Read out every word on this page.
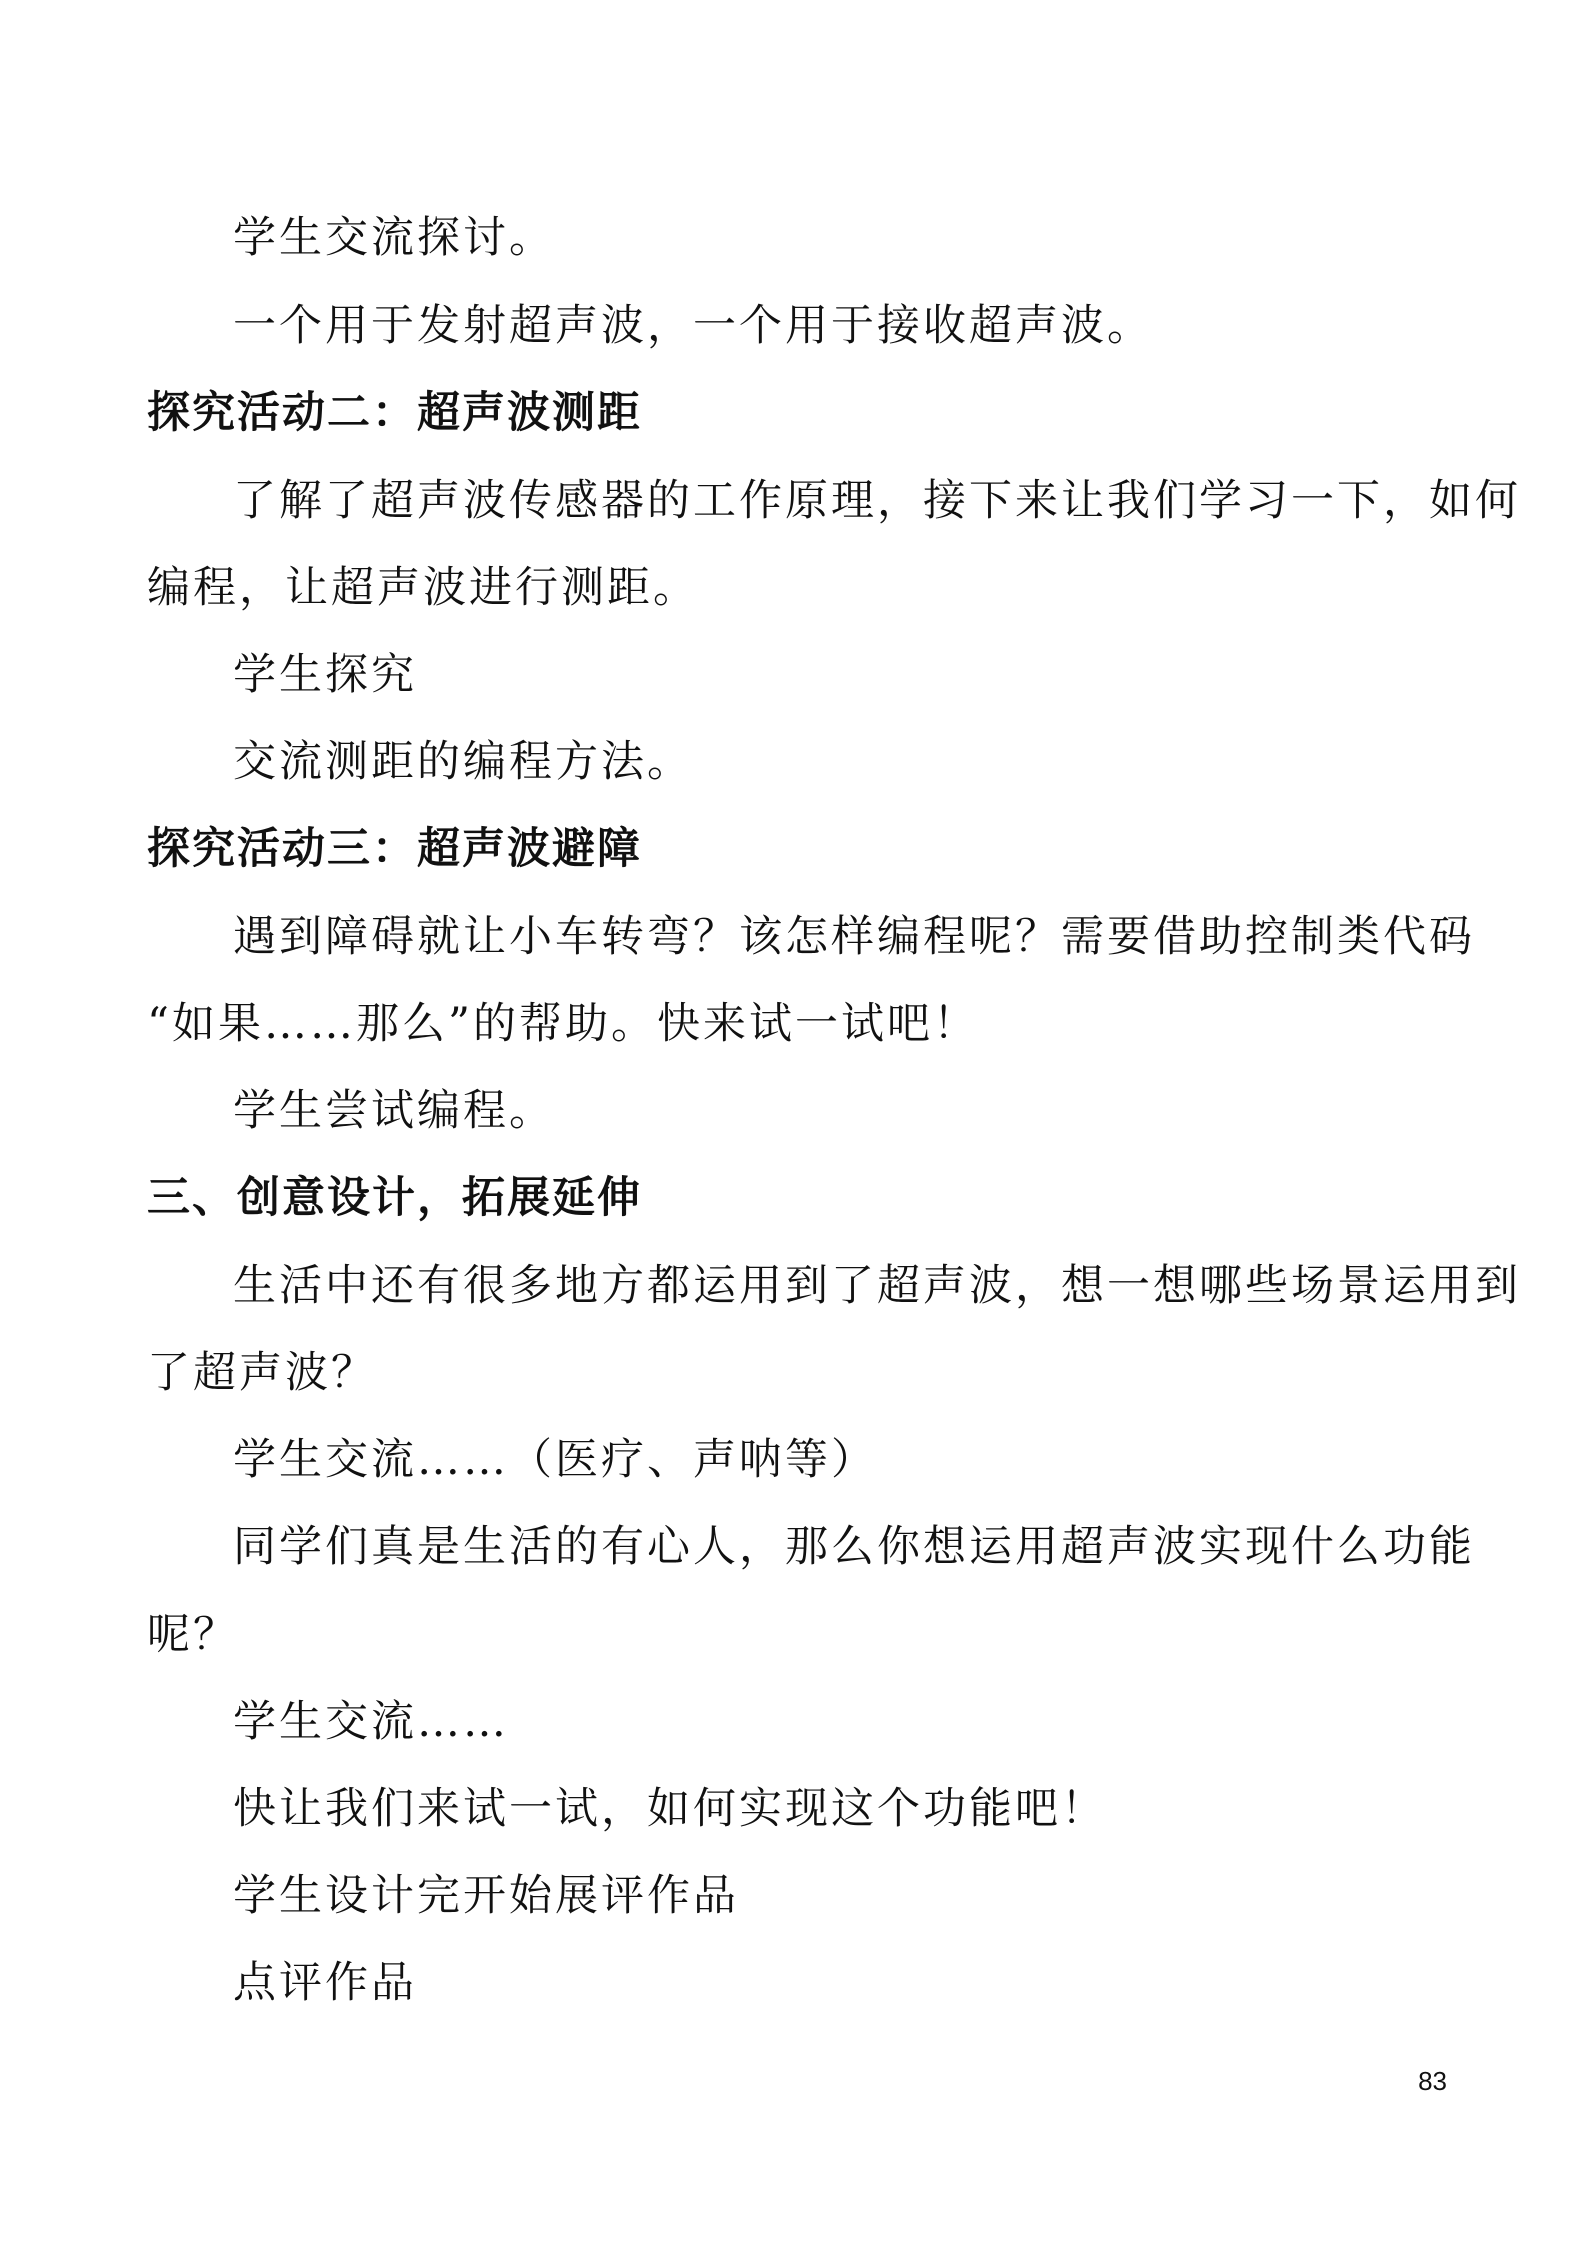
学生交流探讨。
一个用于发射超声波，一个用于接收超声波。
探究活动二：超声波测距
了解了超声波传感器的工作原理，接下来让我们学习一下，如何
编程，让超声波进行测距。
学生探究
交流测距的编程方法。
探究活动三：超声波避障
遇到障碍就让小车转弯？该怎样编程呢？需要借助控制类代码
“如果……那么”的帮助。快来试一试吧！
学生尝试编程。
三、创意设计，拓展延伸
生活中还有很多地方都运用到了超声波，想一想哪些场景运用到
了超声波？
学生交流……（医疗、声呐等）
同学们真是生活的有心人，那么你想运用超声波实现什么功能
呢？
学生交流……
快让我们来试一试，如何实现这个功能吧！
学生设计完开始展评作品
点评作品
83
